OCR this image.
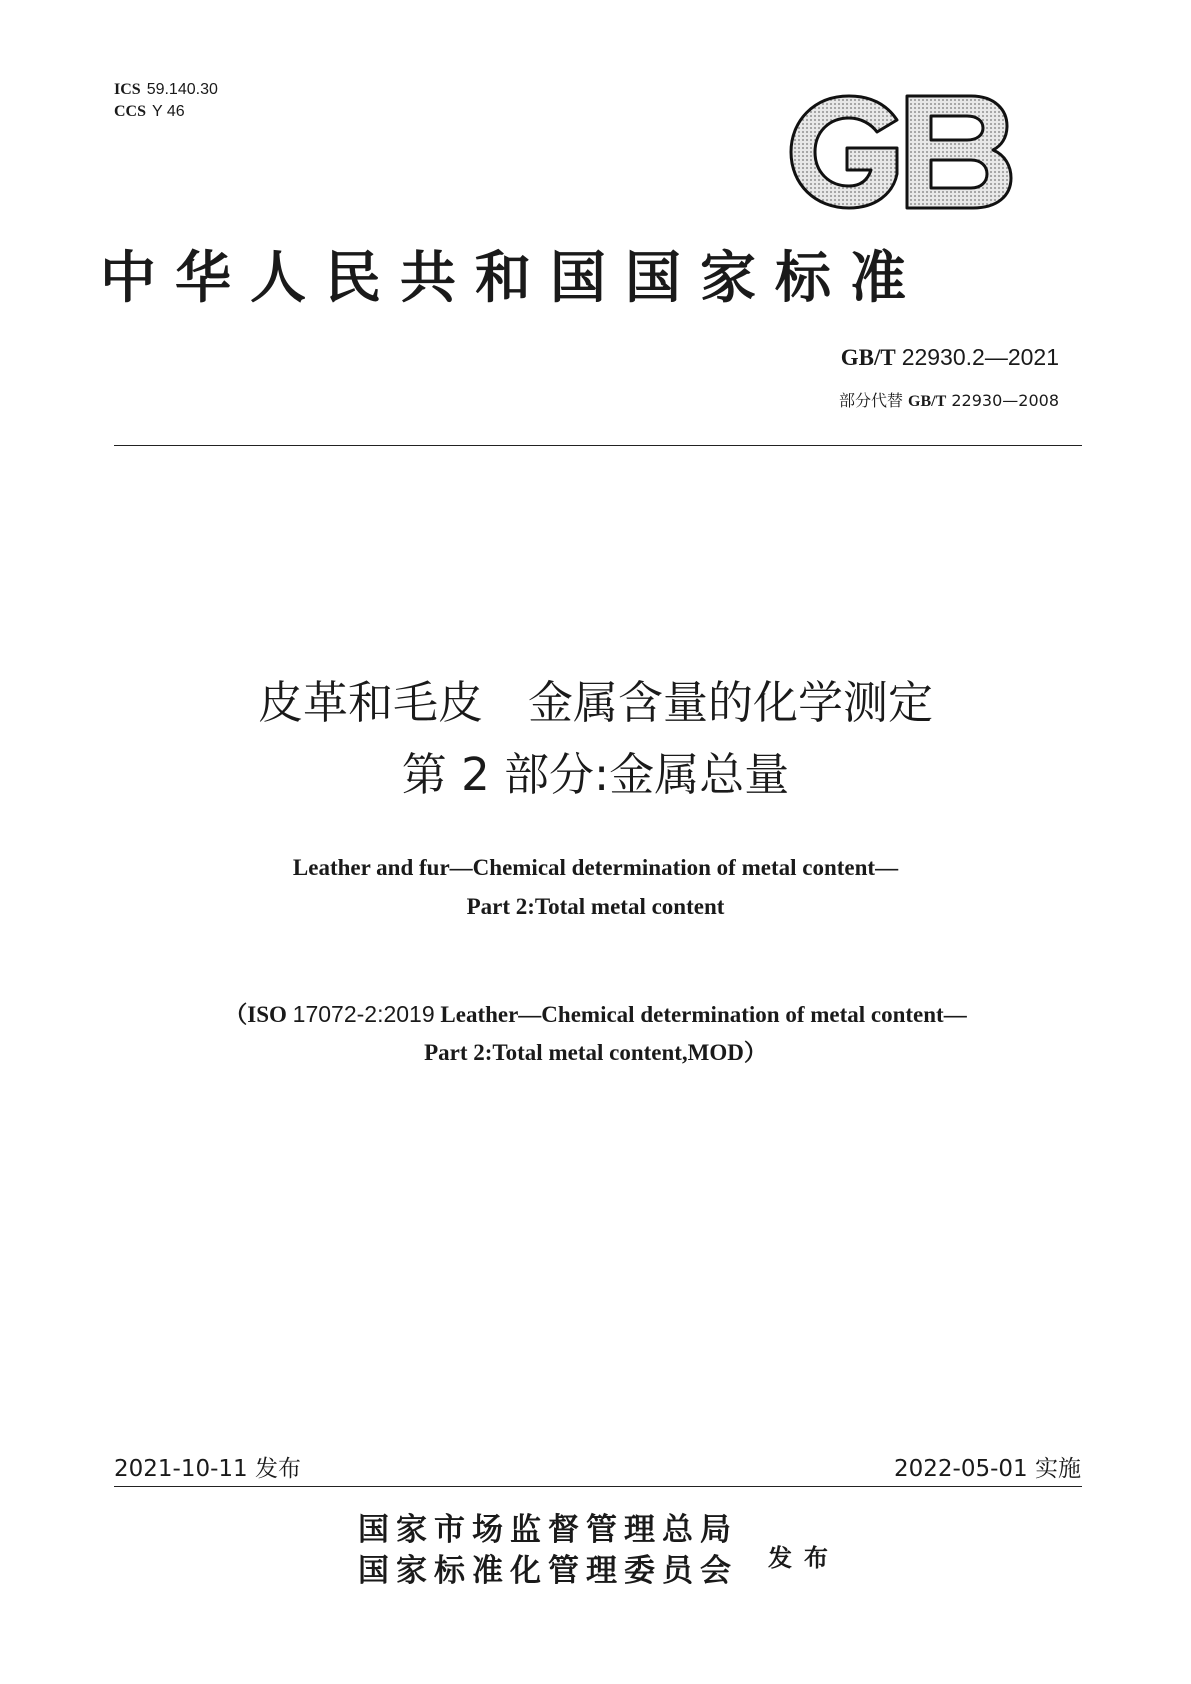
ICS 59.140.30
CCS Y 46
中华人民共和国国家标准
GB/T 22930.2—2021
部分代替 GB/T 22930—2008
皮革和毛皮　金属含量的化学测定
第 2 部分:金属总量
Leather and fur—Chemical determination of metal content—
Part 2:Total metal content
（ISO 17072-2:2019 Leather—Chemical determination of metal content—
Part 2:Total metal content,MOD）
2021-10-11 发布	2022-05-01 实施
国家市场监督管理总局
国家标准化管理委员会 发布
